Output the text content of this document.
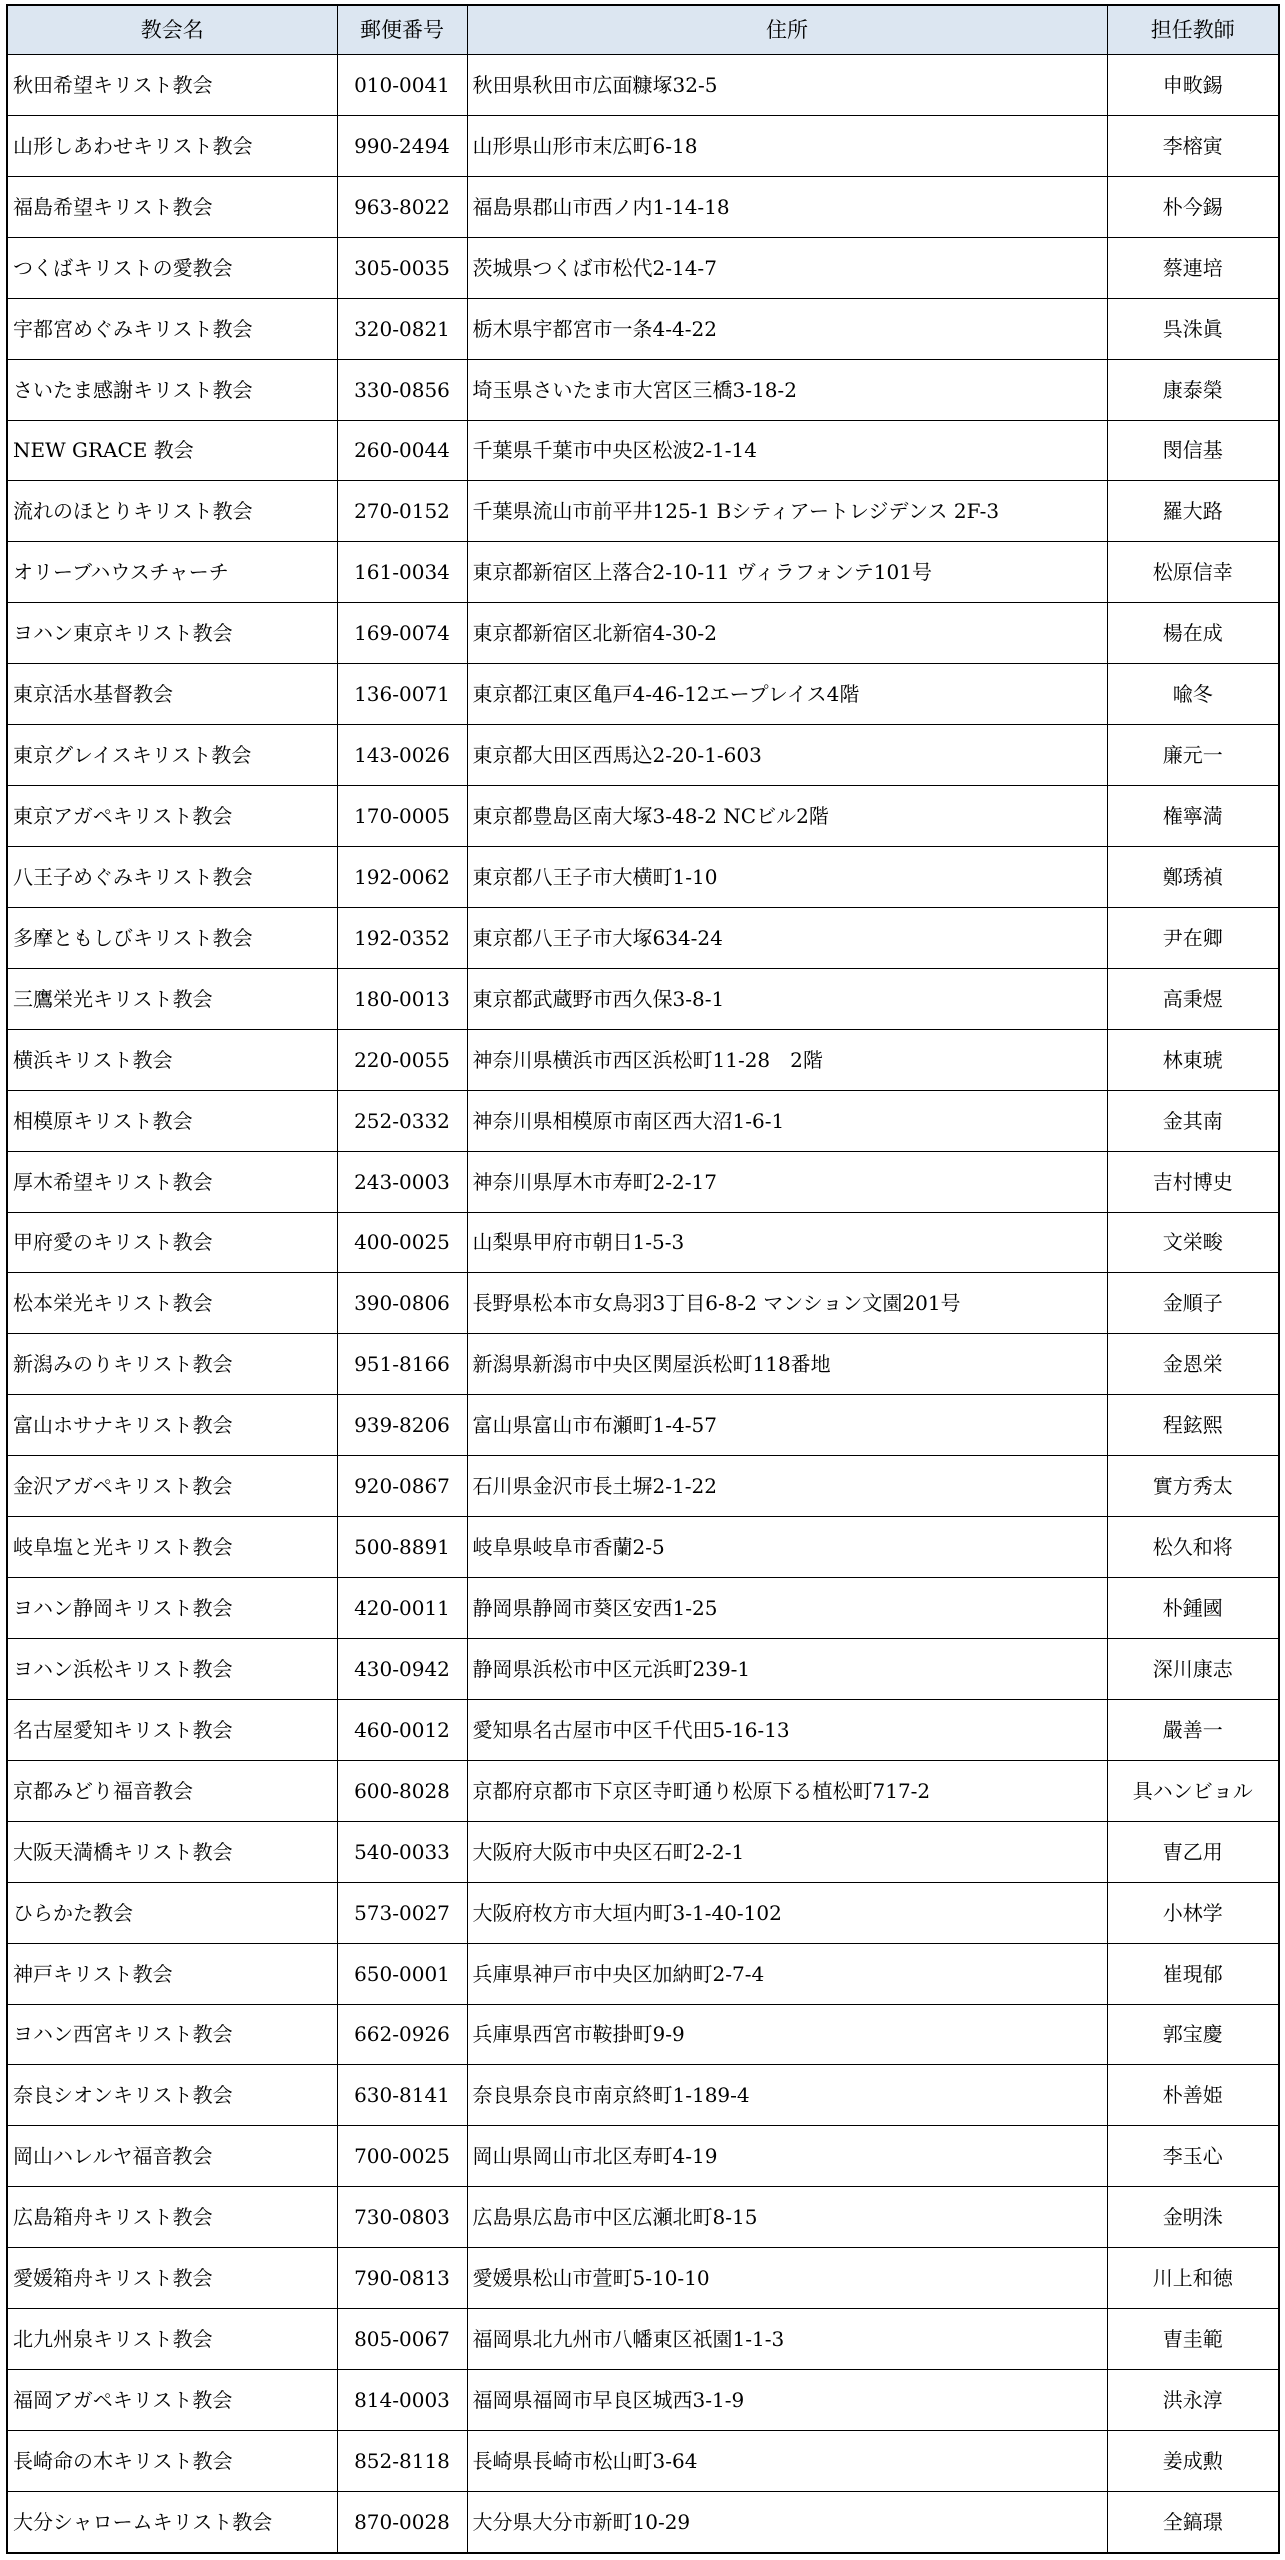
教会名	郵便番号	住所	担任教師
秋田希望キリスト教会	010-0041	秋田県秋田市広面糠塚32-5	申畋錫
山形しあわせキリスト教会	990-2494	山形県山形市末広町6-18	李榕寅
福島希望キリスト教会	963-8022	福島県郡山市西ノ内1-14-18	朴今錫
つくばキリストの愛教会	305-0035	茨城県つくば市松代2-14-7	蔡連培
宇都宮めぐみキリスト教会	320-0821	栃木県宇都宮市一条4-4-22	呉洙眞
さいたま感謝キリスト教会	330-0856	埼玉県さいたま市大宮区三橋3-18-2	康泰榮
NEW GRACE 教会	260-0044	千葉県千葉市中央区松波2-1-14	閔信基
流れのほとりキリスト教会	270-0152	千葉県流山市前平井125-1 Bシティアートレジデンス 2F-3	羅大路
オリーブハウスチャーチ	161-0034	東京都新宿区上落合2-10-11 ヴィラフォンテ101号	松原信幸
ヨハン東京キリスト教会	169-0074	東京都新宿区北新宿4-30-2	楊在成
東京活水基督教会	136-0071	東京都江東区亀戸4-46-12エープレイス4階	喩冬
東京グレイスキリスト教会	143-0026	東京都大田区西馬込2-20-1-603	廉元一
東京アガペキリスト教会	170-0005	東京都豊島区南大塚3-48-2 NCビル2階	権寧満
八王子めぐみキリスト教会	192-0062	東京都八王子市大横町1-10	鄭琇禎
多摩ともしびキリスト教会	192-0352	東京都八王子市大塚634-24	尹在卿
三鷹栄光キリスト教会	180-0013	東京都武蔵野市西久保3-8-1	高秉煜
横浜キリスト教会	220-0055	神奈川県横浜市西区浜松町11-28　2階	林東琥
相模原キリスト教会	252-0332	神奈川県相模原市南区西大沼1-6-1	金其南
厚木希望キリスト教会	243-0003	神奈川県厚木市寿町2-2-17	吉村博史
甲府愛のキリスト教会	400-0025	山梨県甲府市朝日1-5-3	文栄畯
松本栄光キリスト教会	390-0806	長野県松本市女鳥羽3丁目6-8-2 マンション文園201号	金順子
新潟みのりキリスト教会	951-8166	新潟県新潟市中央区関屋浜松町118番地	金恩栄
富山ホサナキリスト教会	939-8206	富山県富山市布瀬町1-4-57	程鉉熙
金沢アガペキリスト教会	920-0867	石川県金沢市長土塀2-1-22	實方秀太
岐阜塩と光キリスト教会	500-8891	岐阜県岐阜市香蘭2-5	松久和将
ヨハン静岡キリスト教会	420-0011	静岡県静岡市葵区安西1-25	朴鍾國
ヨハン浜松キリスト教会	430-0942	静岡県浜松市中区元浜町239-1	深川康志
名古屋愛知キリスト教会	460-0012	愛知県名古屋市中区千代田5-16-13	嚴善一
京都みどり福音教会	600-8028	京都府京都市下京区寺町通り松原下る植松町717-2	具ハンビョル
大阪天満橋キリスト教会	540-0033	大阪府大阪市中央区石町2-2-1	曺乙用
ひらかた教会	573-0027	大阪府枚方市大垣内町3-1-40-102	小林学
神戸キリスト教会	650-0001	兵庫県神戸市中央区加納町2-7-4	崔現郁
ヨハン西宮キリスト教会	662-0926	兵庫県西宮市鞍掛町9-9	郭宝慶
奈良シオンキリスト教会	630-8141	奈良県奈良市南京終町1-189-4	朴善姫
岡山ハレルヤ福音教会	700-0025	岡山県岡山市北区寿町4-19	李玉心
広島箱舟キリスト教会	730-0803	広島県広島市中区広瀬北町8-15	金明洙
愛媛箱舟キリスト教会	790-0813	愛媛県松山市萱町5-10-10	川上和徳
北九州泉キリスト教会	805-0067	福岡県北九州市八幡東区祇園1-1-3	曺圭範
福岡アガペキリスト教会	814-0003	福岡県福岡市早良区城西3-1-9	洪永淳
長崎命の木キリスト教会	852-8118	長崎県長崎市松山町3-64	姜成勲
大分シャロームキリスト教会	870-0028	大分県大分市新町10-29	全鎬璟
